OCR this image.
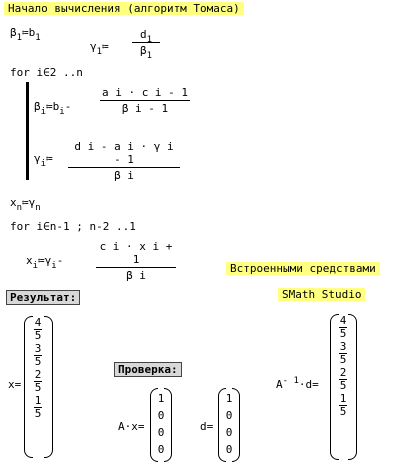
Начало вычисления (алгоритм Томаса)
$\beta_1≔b_1$
$\gamma_1≔$
$d_1$
$\beta_1$
for i∈2 ..n
$\beta_i≔b_i-$
a i · c i - 1
β i - 1
$\gamma_i≔$
d i - a i · γ i - 1
β i
$x_n≔\gamma_n$
for i∈n-1 ; n-2 ..1
$x_i≔\gamma_i-$
c i · x i + 1
β i
Встроенными средствами
SMath Studio
Результат:
x=
4
5
3
5
2
5
1
5
Проверка:
A·x=
1
0
0
0
d=
1
0
0
0
$A^{- 1}\cdot d=$
4
5
3
5
2
5
1
5
